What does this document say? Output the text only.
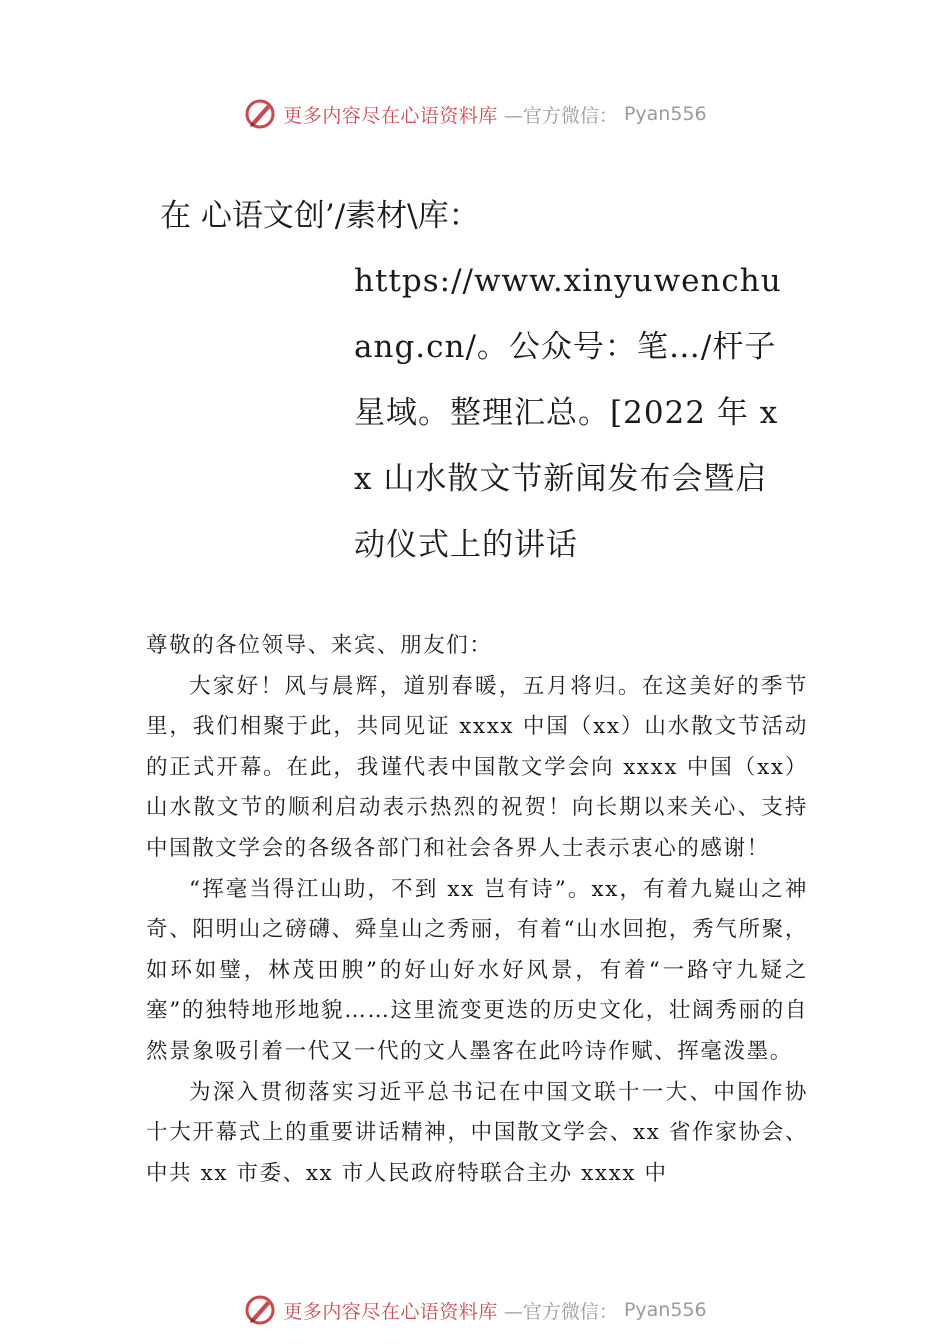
更多内容尽在心语资料库 —官方微信： Pyan556
在 心语文创’/素材\库：
https://www.xinyuwenchuang.cn/。公众号：笔…/杆子星域。整理汇总。[2022 年 xx 山水散文节新闻发布会暨启动仪式上的讲话

尊敬的各位领导、来宾、朋友们：

大家好！风与晨辉，道别春暖，五月将归。在这美好的季节里，我们相聚于此，共同见证 xxxx 中国（xx）山水散文节活动的正式开幕。在此，我谨代表中国散文学会向 xxxx 中国（xx）山水散文节的顺利启动表示热烈的祝贺！向长期以来关心、支持中国散文学会的各级各部门和社会各界人士表示衷心的感谢！

“挥毫当得江山助，不到 xx 岂有诗”。xx，有着九嶷山之神奇、阳明山之磅礴、舜皇山之秀丽，有着“山水回抱，秀气所聚，如环如璧，林茂田腴”的好山好水好风景，有着“一路守九疑之塞”的独特地形地貌……这里流变更迭的历史文化，壮阔秀丽的自然景象吸引着一代又一代的文人墨客在此吟诗作赋、挥毫泼墨。

为深入贯彻落实习近平总书记在中国文联十一大、中国作协十大开幕式上的重要讲话精神，中国散文学会、xx 省作家协会、中共 xx 市委、xx 市人民政府特联合主办 xxxx 中

更多内容尽在心语资料库 —官方微信： Pyan556
